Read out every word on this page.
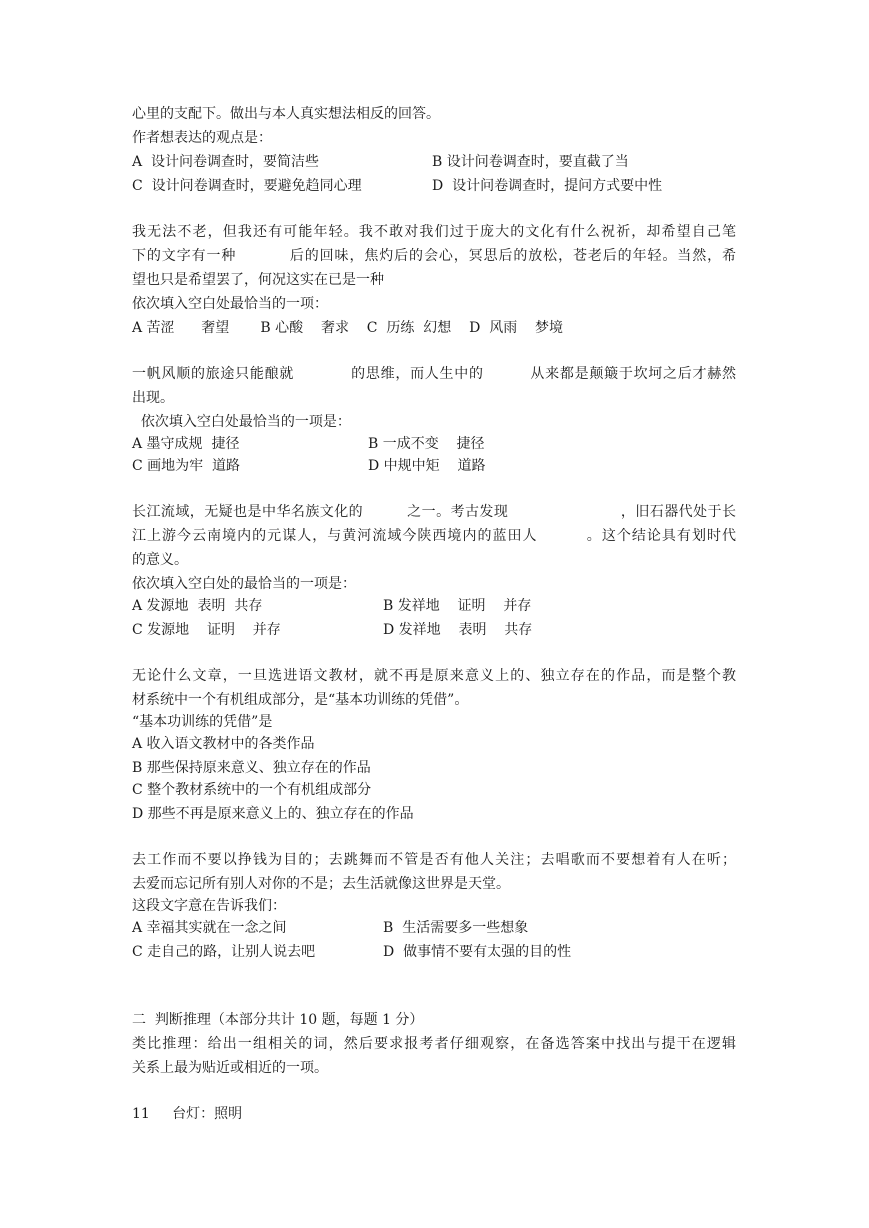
心里的支配下。做出与本人真实想法相反的回答。
作者想表达的观点是：
A  设计问卷调查时，要简洁些	B 设计问卷调查时，要直截了当
C  设计问卷调查时，要避免趋同心理	D  设计问卷调查时，提问方式要中性
我无法不老，但我还有可能年轻。我不敢对我们过于庞大的文化有什么祝祈，却希望自己笔
下的文字有一种          后的回味，焦灼后的会心，冥思后的放松，苍老后的年轻。当然，希
望也只是希望罢了，何况这实在已是一种
依次填入空白处最恰当的一项：
A 苦涩      奢望       B 心酸    奢求    C  历练  幻想    D  风雨    梦境
一帆风顺的旅途只能酿就           的思维，而人生中的         从来都是颠簸于坎坷之后才赫然
出现。
依次填入空白处最恰当的一项是：
A 墨守成规  捷径	B 一成不变    捷径
C 画地为牢  道路	D 中规中矩    道路
长江流域，无疑也是中华名族文化的         之一。考古发现                       ，旧石器代处于长
江上游今云南境内的元谋人，与黄河流域今陕西境内的蓝田人         。这个结论具有划时代
的意义。
依次填入空白处的最恰当的一项是：
A 发源地  表明  共存	B 发祥地    证明    并存
C 发源地    证明    并存	D 发祥地    表明    共存
无论什么文章，一旦选进语文教材，就不再是原来意义上的、独立存在的作品，而是整个教
材系统中一个有机组成部分，是“基本功训练的凭借”。
“基本功训练的凭借”是
A 收入语文教材中的各类作品
B 那些保持原来意义、独立存在的作品
C 整个教材系统中的一个有机组成部分
D 那些不再是原来意义上的、独立存在的作品
去工作而不要以挣钱为目的；去跳舞而不管是否有他人关注；去唱歌而不要想着有人在听；
去爱而忘记所有别人对你的不是；去生活就像这世界是天堂。
这段文字意在告诉我们：
A 幸福其实就在一念之间	B  生活需要多一些想象
C 走自己的路，让别人说去吧	D  做事情不要有太强的目的性
二  判断推理（本部分共计 10 题，每题 1 分）
类比推理：给出一组相关的词，然后要求报考者仔细观察，在备选答案中找出与提干在逻辑
关系上最为贴近或相近的一项。
11     台灯：照明
